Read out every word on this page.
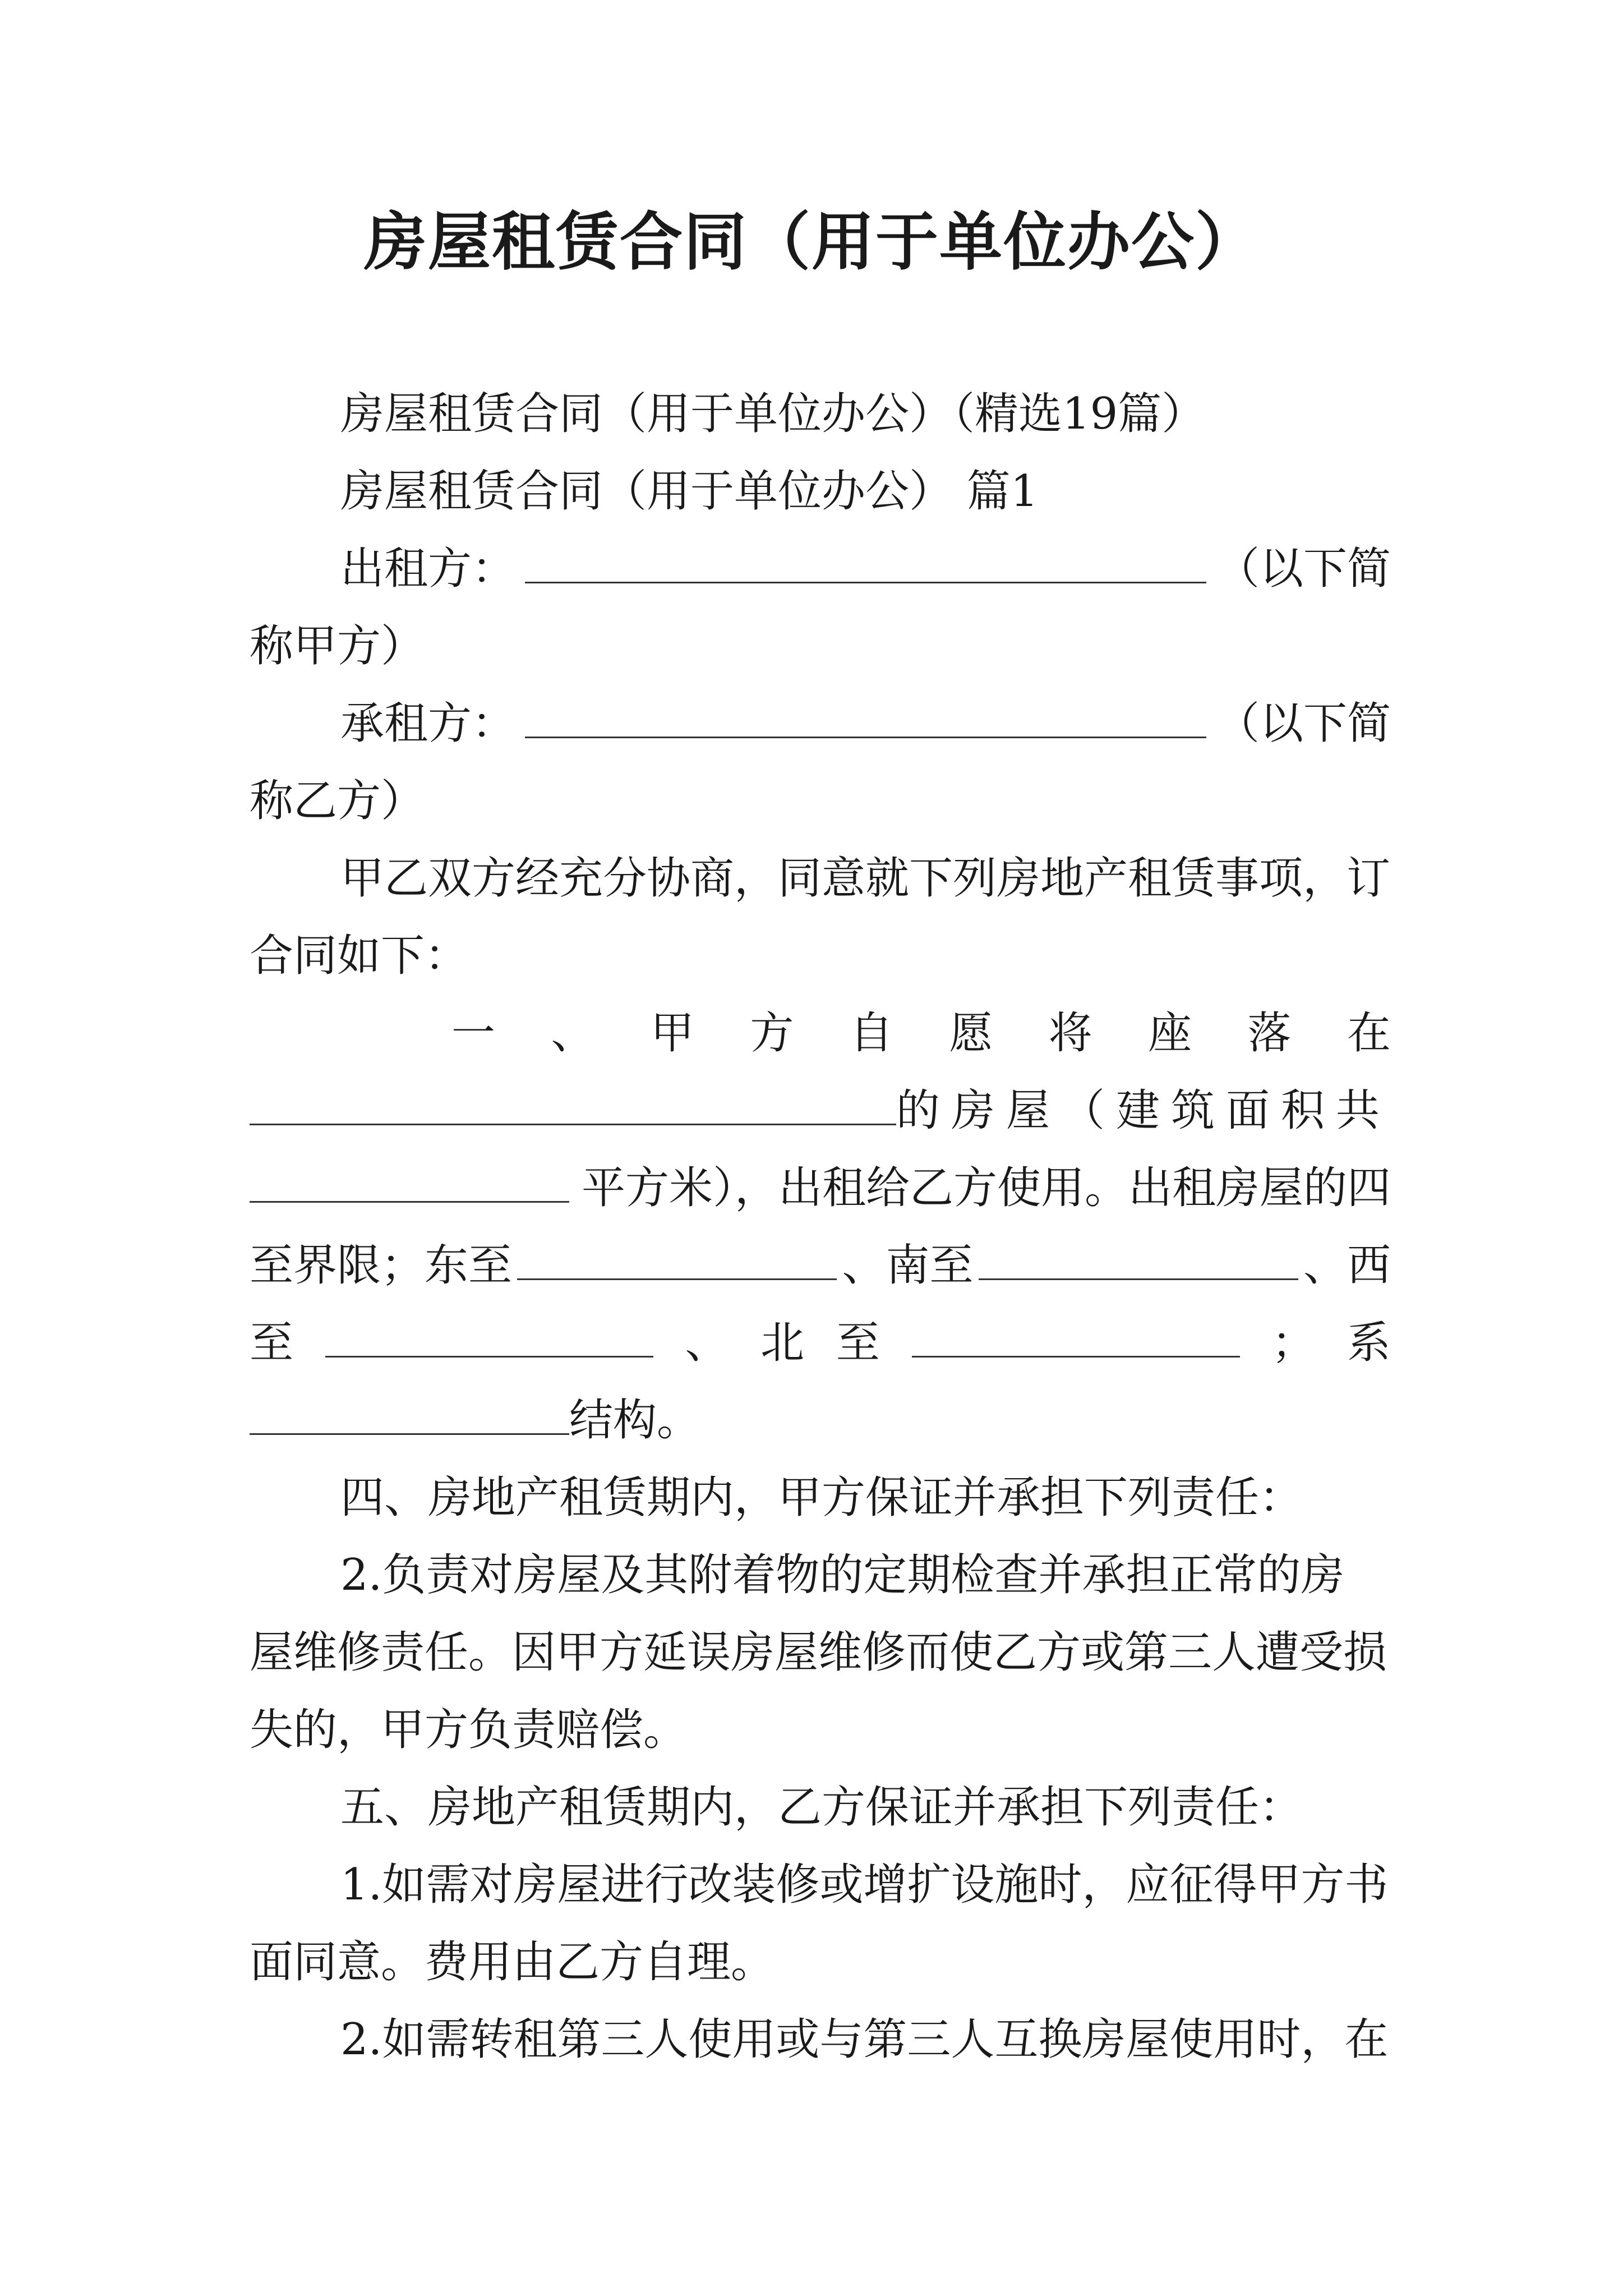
房屋租赁合同（用于单位办公）
房屋租赁合同（用于单位办公）（精选19篇）
房屋租赁合同（用于单位办公） 篇1
出租方：	（以下简
称甲方）
承租方：	（以下简
称乙方）
甲乙双方经充分协商，同意就下列房地产租赁事项，订
合同如下：
一 、 甲 方 自 愿 将 座 落 在
的房屋（建筑面积共
平方米），出租给乙方使用。出租房屋的四
至界限；东至	、南至	、西
至	、 北 至	； 系
结构。
四、房地产租赁期内，甲方保证并承担下列责任：
2.负责对房屋及其附着物的定期检查并承担正常的房
屋维修责任。因甲方延误房屋维修而使乙方或第三人遭受损
失的，甲方负责赔偿。
五、房地产租赁期内，乙方保证并承担下列责任：
1.如需对房屋进行改装修或增扩设施时，应征得甲方书
面同意。费用由乙方自理。
2.如需转租第三人使用或与第三人互换房屋使用时，在
